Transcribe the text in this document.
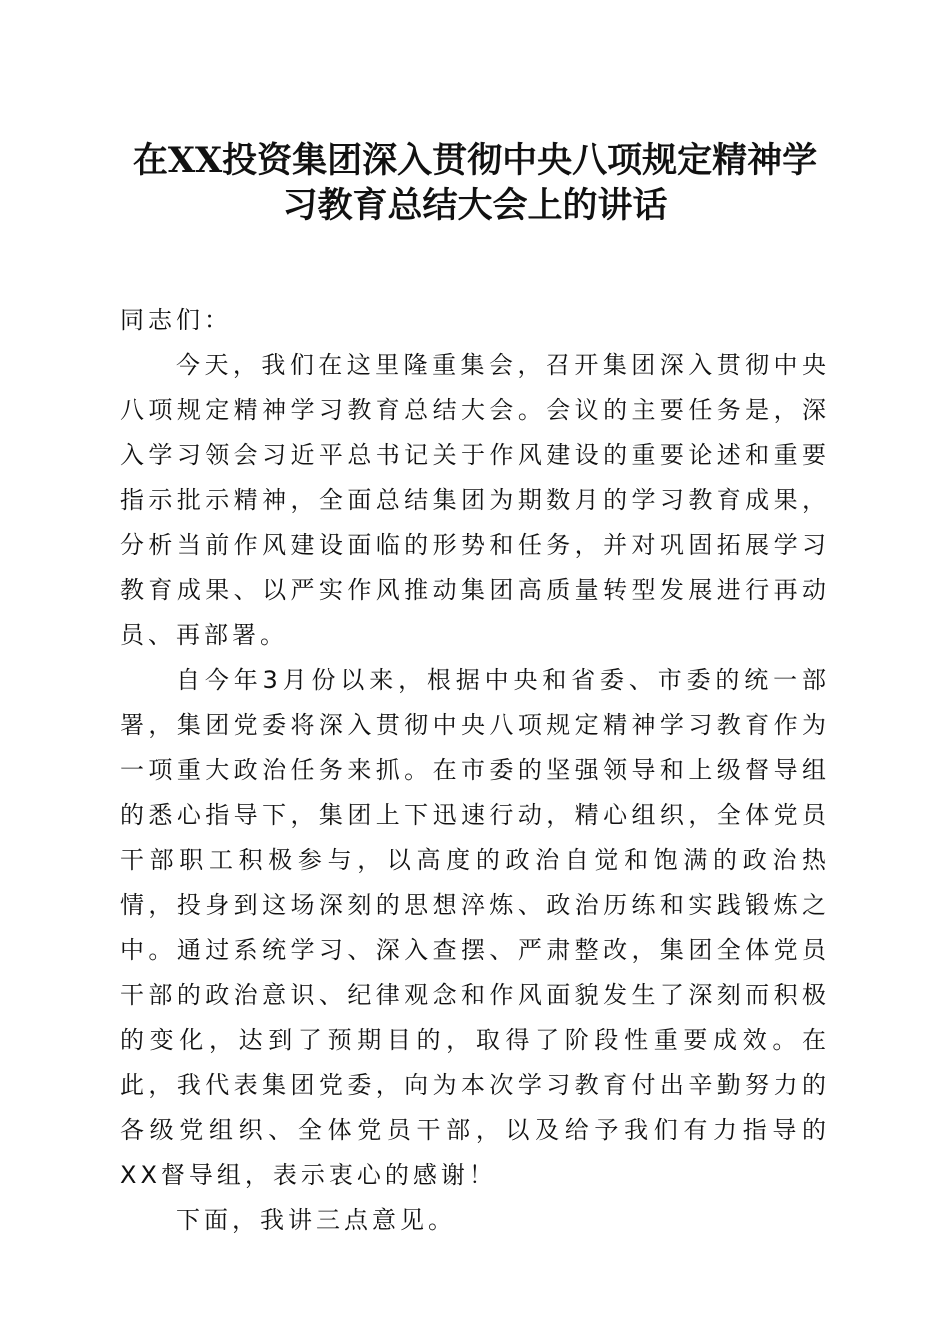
在XX投资集团深入贯彻中央八项规定精神学
习教育总结大会上的讲话

同志们：

今天，我们在这里隆重集会，召开集团深入贯彻中央八项规定精神学习教育总结大会。会议的主要任务是，深入学习领会习近平总书记关于作风建设的重要论述和重要指示批示精神，全面总结集团为期数月的学习教育成果，分析当前作风建设面临的形势和任务，并对巩固拓展学习教育成果、以严实作风推动集团高质量转型发展进行再动员、再部署。

自今年3月份以来，根据中央和省委、市委的统一部署，集团党委将深入贯彻中央八项规定精神学习教育作为一项重大政治任务来抓。在市委的坚强领导和上级督导组的悉心指导下，集团上下迅速行动，精心组织，全体党员干部职工积极参与，以高度的政治自觉和饱满的政治热情，投身到这场深刻的思想淬炼、政治历练和实践锻炼之中。通过系统学习、深入查摆、严肃整改，集团全体党员干部的政治意识、纪律观念和作风面貌发生了深刻而积极的变化，达到了预期目的，取得了阶段性重要成效。在此，我代表集团党委，向为本次学习教育付出辛勤努力的各级党组织、全体党员干部，以及给予我们有力指导的XX督导组，表示衷心的感谢！

下面，我讲三点意见。
